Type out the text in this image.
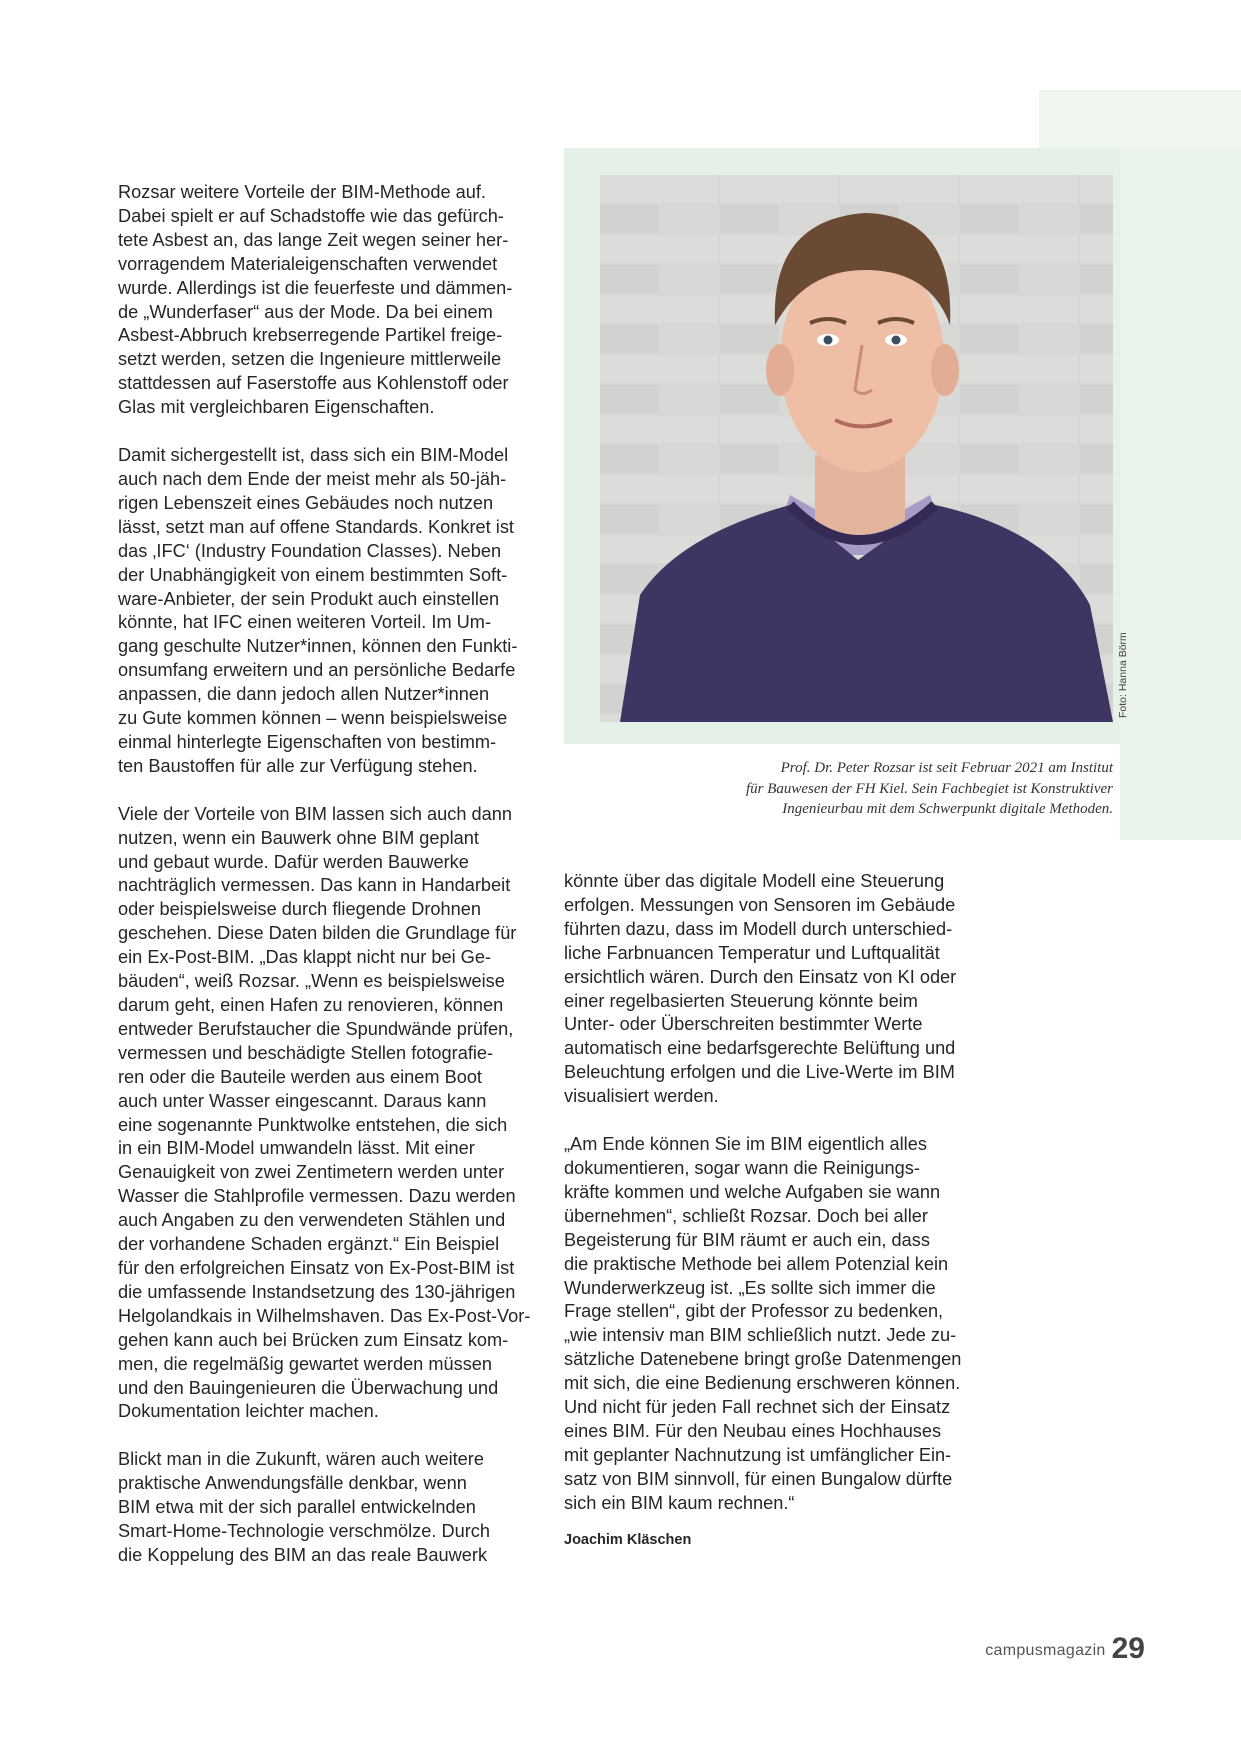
Rozsar weitere Vorteile der BIM-Methode auf.
Dabei spielt er auf Schadstoffe wie das gefürch-
tete Asbest an, das lange Zeit wegen seiner her-
vorragendem Materialeigenschaften verwendet
wurde. Allerdings ist die feuerfeste und dämmen-
de „Wunderfaser“ aus der Mode. Da bei einem
Asbest-Abbruch krebserregende Partikel freige-
setzt werden, setzen die Ingenieure mittlerweile
stattdessen auf Faserstoffe aus Kohlenstoff oder
Glas mit vergleichbaren Eigenschaften.

Damit sichergestellt ist, dass sich ein BIM-Model
auch nach dem Ende der meist mehr als 50-jäh-
rigen Lebenszeit eines Gebäudes noch nutzen
lässt, setzt man auf offene Standards. Konkret ist
das ‚IFC‘ (Industry Foundation Classes). Neben
der Unabhängigkeit von einem bestimmten Soft-
ware-Anbieter, der sein Produkt auch einstellen
könnte, hat IFC einen weiteren Vorteil. Im Um-
gang geschulte Nutzer*innen, können den Funkti-
onsumfang erweitern und an persönliche Bedarfe
anpassen, die dann jedoch allen Nutzer*innen
zu Gute kommen können – wenn beispielsweise
einmal hinterlegte Eigenschaften von bestimm-
ten Baustoffen für alle zur Verfügung stehen.

Viele der Vorteile von BIM lassen sich auch dann
nutzen, wenn ein Bauwerk ohne BIM geplant
und gebaut wurde. Dafür werden Bauwerke
nachträglich vermessen. Das kann in Handarbeit
oder beispielsweise durch fliegende Drohnen
geschehen. Diese Daten bilden die Grundlage für
ein Ex-Post-BIM. „Das klappt nicht nur bei Ge-
bäuden“, weiß Rozsar. „Wenn es beispielsweise
darum geht, einen Hafen zu renovieren, können
entweder Berufstaucher die Spundwände prüfen,
vermessen und beschädigte Stellen fotografie-
ren oder die Bauteile werden aus einem Boot
auch unter Wasser eingescannt. Daraus kann
eine sogenannte Punktwolke entstehen, die sich
in ein BIM-Model umwandeln lässt. Mit einer
Genauigkeit von zwei Zentimetern werden unter
Wasser die Stahlprofile vermessen. Dazu werden
auch Angaben zu den verwendeten Stählen und
der vorhandene Schaden ergänzt.“ Ein Beispiel
für den erfolgreichen Einsatz von Ex-Post-BIM ist
die umfassende Instandsetzung des 130-jährigen
Helgolandkais in Wilhelmshaven. Das Ex-Post-Vor-
gehen kann auch bei Brücken zum Einsatz kom-
men, die regelmäßig gewartet werden müssen
und den Bauingenieuren die Überwachung und
Dokumentation leichter machen.

Blickt man in die Zukunft, wären auch weitere
praktische Anwendungsfälle denkbar, wenn
BIM etwa mit der sich parallel entwickelnden
Smart-Home-Technologie verschmölze. Durch
die Koppelung des BIM an das reale Bauwerk

Foto: Hanna Börm
Prof. Dr. Peter Rozsar ist seit Februar 2021 am Institut
für Bauwesen der FH Kiel. Sein Fachbegiet ist Konstruktiver
Ingenieurbau mit dem Schwerpunkt digitale Methoden.

könnte über das digitale Modell eine Steuerung
erfolgen. Messungen von Sensoren im Gebäude
führten dazu, dass im Modell durch unterschied-
liche Farbnuancen Temperatur und Luftqualität
ersichtlich wären. Durch den Einsatz von KI oder
einer regelbasierten Steuerung könnte beim
Unter- oder Überschreiten bestimmter Werte
automatisch eine bedarfsgerechte Belüftung und
Beleuchtung erfolgen und die Live-Werte im BIM
visualisiert werden.

„Am Ende können Sie im BIM eigentlich alles
dokumentieren, sogar wann die Reinigungs-
kräfte kommen und welche Aufgaben sie wann
übernehmen“, schließt Rozsar. Doch bei aller
Begeisterung für BIM räumt er auch ein, dass
die praktische Methode bei allem Potenzial kein
Wunderwerkzeug ist. „Es sollte sich immer die
Frage stellen“, gibt der Professor zu bedenken,
„wie intensiv man BIM schließlich nutzt. Jede zu-
sätzliche Datenebene bringt große Datenmengen
mit sich, die eine Bedienung erschweren können.
Und nicht für jeden Fall rechnet sich der Einsatz
eines BIM. Für den Neubau eines Hochhauses
mit geplanter Nachnutzung ist umfänglicher Ein-
satz von BIM sinnvoll, für einen Bungalow dürfte
sich ein BIM kaum rechnen.“

Joachim Kläschen
campusmagazin 29
